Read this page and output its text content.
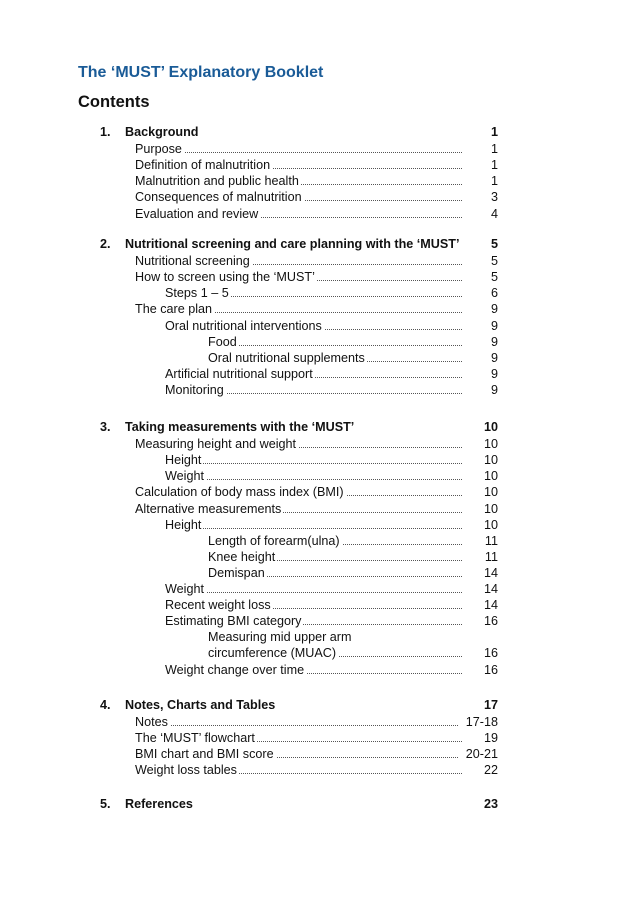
The ‘MUST’ Explanatory Booklet
Contents
1. Background	1
Purpose	1
Definition of malnutrition	1
Malnutrition and public health	1
Consequences of malnutrition	3
Evaluation and review	4
2. Nutritional screening and care planning with the ‘MUST’	5
Nutritional screening	5
How to screen using the ‘MUST’	5
Steps 1 – 5	6
The care plan	9
Oral nutritional interventions	9
Food	9
Oral nutritional supplements	9
Artificial nutritional support	9
Monitoring	9
3. Taking measurements with the ‘MUST’	10
Measuring height and weight	10
Height	10
Weight	10
Calculation of body mass index (BMI)	10
Alternative measurements	10
Height	10
Length of forearm(ulna)	11
Knee height	11
Demispan	14
Weight	14
Recent weight loss	14
Estimating BMI category	16
Measuring mid upper arm
circumference (MUAC)	16
Weight change over time	16
4. Notes, Charts and Tables	17
Notes	17-18
The ‘MUST’ flowchart	19
BMI chart and BMI score	20-21
Weight loss tables	22
5. References	23
